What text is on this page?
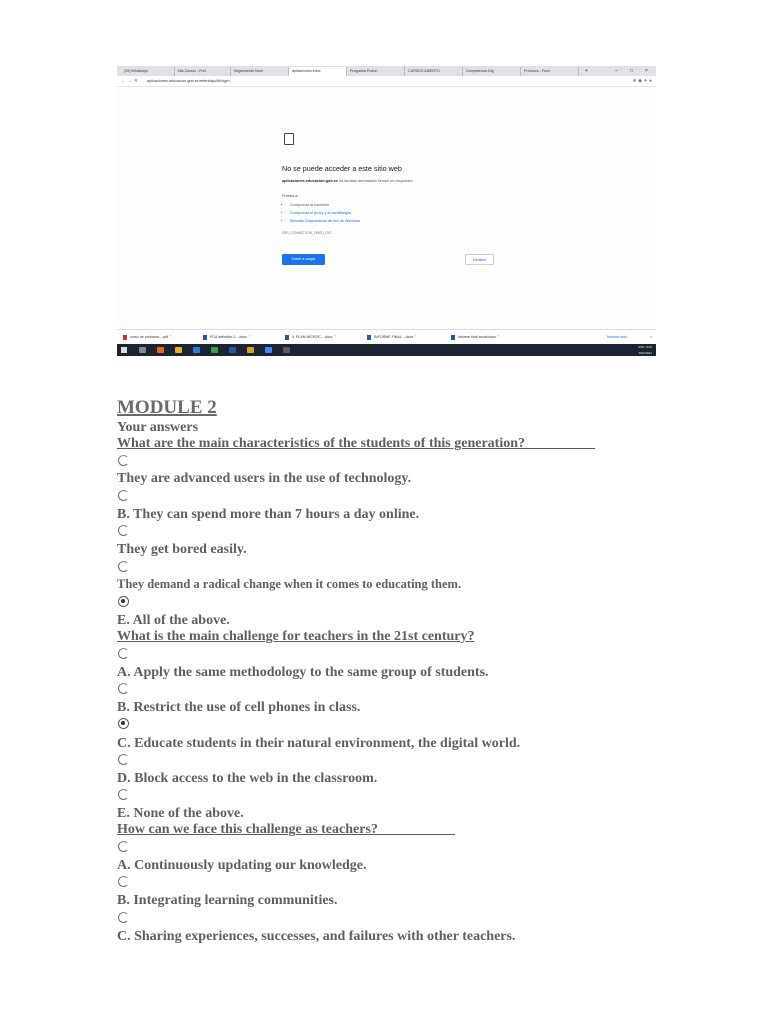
(20) WhatsApp	Mis Cursos - Prof	Seguimiento Nivel	aplicaciones.educ	Programa Profun	CURSOS ABIERTO	Competencia Dig	Profuturo - Form	+	– □ ×
← → ✕ aplicaciones.educacion.gob.ec/referidajo/Añ/sgm	★ ◆ ✦ ●
No se puede acceder a este sitio web
aplicaciones.educacion.gob.ec ha tardado demasiado tiempo en responder.
Prueba a:
• Comprobar la conexión
• Comprobar el proxy y el cortafuegos
• Ejecutar Diagnósticos de red de Windows
ERR_CONNECTION_TIMED_OUT
Volver a cargar	Detalles
curso de profuturo....pdf ⌃	PCA definitivo 2....docx ⌃	4. PLAN MICROC....docx ⌃	INFORME FINAL....docx ⌃	informe final anual.docx ⌃	Mostrar todo	×
ESP 8:02
16/1/2021
MODULE 2
Your answers
What are the main characteristics of the students of this generation?__________
They are advanced users in the use of technology.
B. They can spend more than 7 hours a day online.
They get bored easily.
They demand a radical change when it comes to educating them.
E. All of the above.
What is the main challenge for teachers in the 21st century?
A. Apply the same methodology to the same group of students.
B. Restrict the use of cell phones in class.
C. Educate students in their natural environment, the digital world.
D. Block access to the web in the classroom.
E. None of the above.
How can we face this challenge as teachers?___________
A. Continuously updating our knowledge.
B. Integrating learning communities.
C. Sharing experiences, successes, and failures with other teachers.
